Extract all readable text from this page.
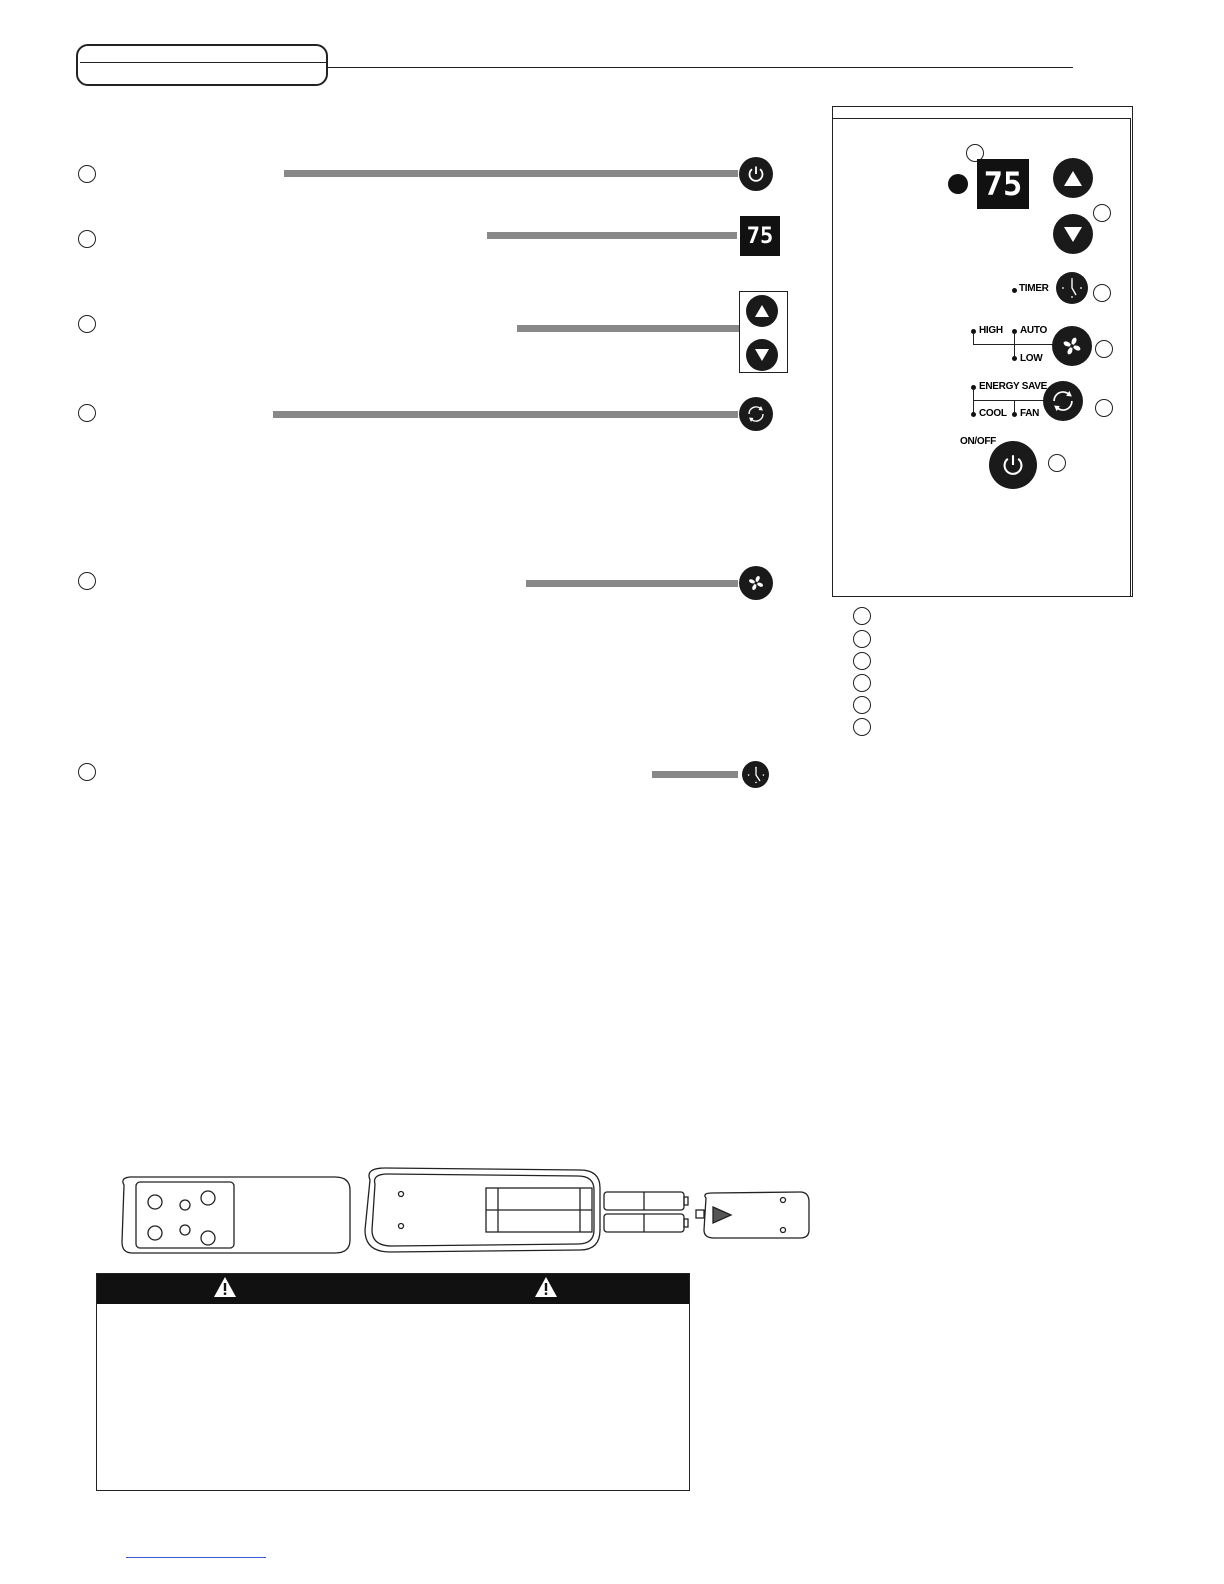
75
75
TIMER
HIGH AUTO
LOW
ENERGY SAVE
COOL FAN
ON/OFF
